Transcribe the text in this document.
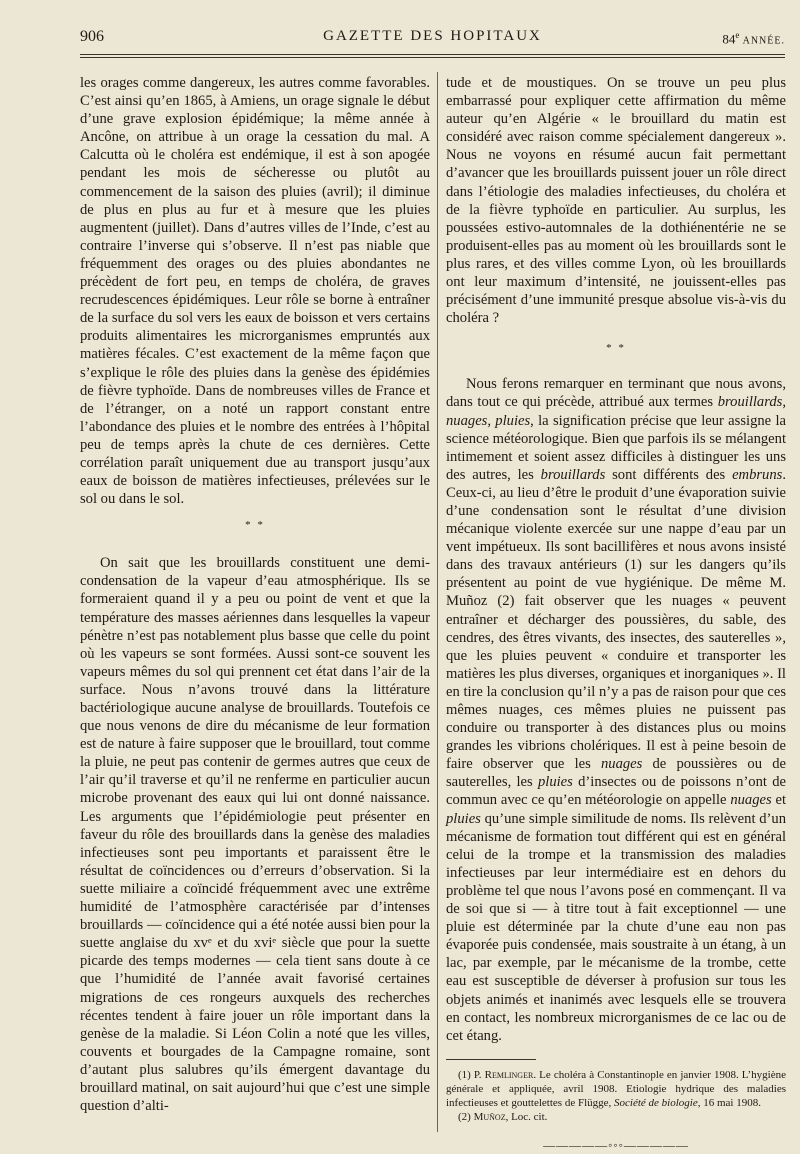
906	GAZETTE DES HOPITAUX	84e ANNÉE.

les orages comme dangereux, les autres comme favorables. C’est ainsi qu’en 1865, à Amiens, un orage signale le début d’une grave explosion épidémique; la même année à Ancône, on attribue à un orage la cessation du mal. A Calcutta où le choléra est endémique, il est à son apogée pendant les mois de sécheresse ou plutôt au commencement de la saison des pluies (avril); il diminue de plus en plus au fur et à mesure que les pluies augmentent (juillet). Dans d’autres villes de l’Inde, c’est au contraire l’inverse qui s’observe. Il n’est pas niable que fréquemment des orages ou des pluies abondantes ne précèdent de fort peu, en temps de choléra, de graves recrudescences épidémiques. Leur rôle se borne à entraîner de la surface du sol vers les eaux de boisson et vers certains produits alimentaires les microrganismes empruntés aux matières fécales. C’est exactement de la même façon que s’explique le rôle des pluies dans la genèse des épidémies de fièvre typhoïde. Dans de nombreuses villes de France et de l’étranger, on a noté un rapport constant entre l’abondance des pluies et le nombre des entrées à l’hôpital peu de temps après la chute de ces dernières. Cette corrélation paraît uniquement due au transport jusqu’aux eaux de boisson de matières infectieuses, prélevées sur le sol ou dans le sol.

* *

On sait que les brouillards constituent une demi-condensation de la vapeur d’eau atmosphérique. Ils se formeraient quand il y a peu ou point de vent et que la température des masses aériennes dans lesquelles la vapeur pénètre n’est pas notablement plus basse que celle du point où les vapeurs se sont formées. Aussi sont-ce souvent les vapeurs mêmes du sol qui prennent cet état dans l’air de la surface. Nous n’avons trouvé dans la littérature bactériologique aucune analyse de brouillards. Toutefois ce que nous venons de dire du mécanisme de leur formation est de nature à faire supposer que le brouillard, tout comme la pluie, ne peut pas contenir de germes autres que ceux de l’air qu’il traverse et qu’il ne renferme en particulier aucun microbe provenant des eaux qui lui ont donné naissance. Les arguments que l’épidémiologie peut présenter en faveur du rôle des brouillards dans la genèse des maladies infectieuses sont peu importants et paraissent être le résultat de coïncidences ou d’erreurs d’observation. Si la suette miliaire a coïncidé fréquemment avec une extrême humidité de l’atmosphère caractérisée par d’intenses brouillards — coïncidence qui a été notée aussi bien pour la suette anglaise du xvᵉ et du xviᵉ siècle que pour la suette picarde des temps modernes — cela tient sans doute à ce que l’humidité de l’année avait favorisé certaines migrations de ces rongeurs auxquels des recherches récentes tendent à faire jouer un rôle important dans la genèse de la maladie. Si Léon Colin a noté que les villes, couvents et bourgades de la Campagne romaine, sont d’autant plus salubres qu’ils émergent davantage du brouillard matinal, on sait aujourd’hui que c’est une simple question d’alti-

tude et de moustiques. On se trouve un peu plus embarrassé pour expliquer cette affirmation du même auteur qu’en Algérie « le brouillard du matin est considéré avec raison comme spécialement dangereux ». Nous ne voyons en résumé aucun fait permettant d’avancer que les brouillards puissent jouer un rôle direct dans l’étiologie des maladies infectieuses, du choléra et de la fièvre typhoïde en particulier. Au surplus, les poussées estivo-automnales de la dothiénentérie ne se produisent-elles pas au moment où les brouillards sont le plus rares, et des villes comme Lyon, où les brouillards ont leur maximum d’intensité, ne jouissent-elles pas précisément d’une immunité presque absolue vis-à-vis du choléra ?

* *

Nous ferons remarquer en terminant que nous avons, dans tout ce qui précède, attribué aux termes brouillards, nuages, pluies, la signification précise que leur assigne la science météorologique. Bien que parfois ils se mélangent intimement et soient assez difficiles à distinguer les uns des autres, les brouillards sont différents des embruns. Ceux-ci, au lieu d’être le produit d’une évaporation suivie d’une condensation sont le résultat d’une division mécanique violente exercée sur une nappe d’eau par un vent impétueux. Ils sont bacillifères et nous avons insisté dans des travaux antérieurs (1) sur les dangers qu’ils présentent au point de vue hygiénique. De même M. Muñoz (2) fait observer que les nuages « peuvent entraîner et décharger des poussières, du sable, des cendres, des êtres vivants, des insectes, des sauterelles », que les pluies peuvent « conduire et transporter les matières les plus diverses, organiques et inorganiques ». Il en tire la conclusion qu’il n’y a pas de raison pour que ces mêmes nuages, ces mêmes pluies ne puissent pas conduire ou transporter à des distances plus ou moins grandes les vibrions cholériques. Il est à peine besoin de faire observer que les nuages de poussières ou de sauterelles, les pluies d’insectes ou de poissons n’ont de commun avec ce qu’en météorologie on appelle nuages et pluies qu’une simple similitude de noms. Ils relèvent d’un mécanisme de formation tout différent qui est en général celui de la trompe et la transmission des maladies infectieuses par leur intermédiaire est en dehors du problème tel que nous l’avons posé en commençant. Il va de soi que si — à titre tout à fait exceptionnel — une pluie est déterminée par la chute d’une eau non pas évaporée puis condensée, mais soustraite à un étang, à un lac, par exemple, par le mécanisme de la trombe, cette eau est susceptible de déverser à profusion sur tous les objets animés et inanimés avec lesquels elle se trouvera en contact, les nombreux microrganismes de ce lac ou de cet étang.

(1) P. Remlinger. Le choléra à Constantinople en janvier 1908. L’hygiène générale et appliquée, avril 1908. Etiologie hydrique des maladies infectieuses et gouttelettes de Flügge, Société de biologie, 16 mai 1908.

(2) Muñoz, Loc. cit.

—————◦◦◦—————
